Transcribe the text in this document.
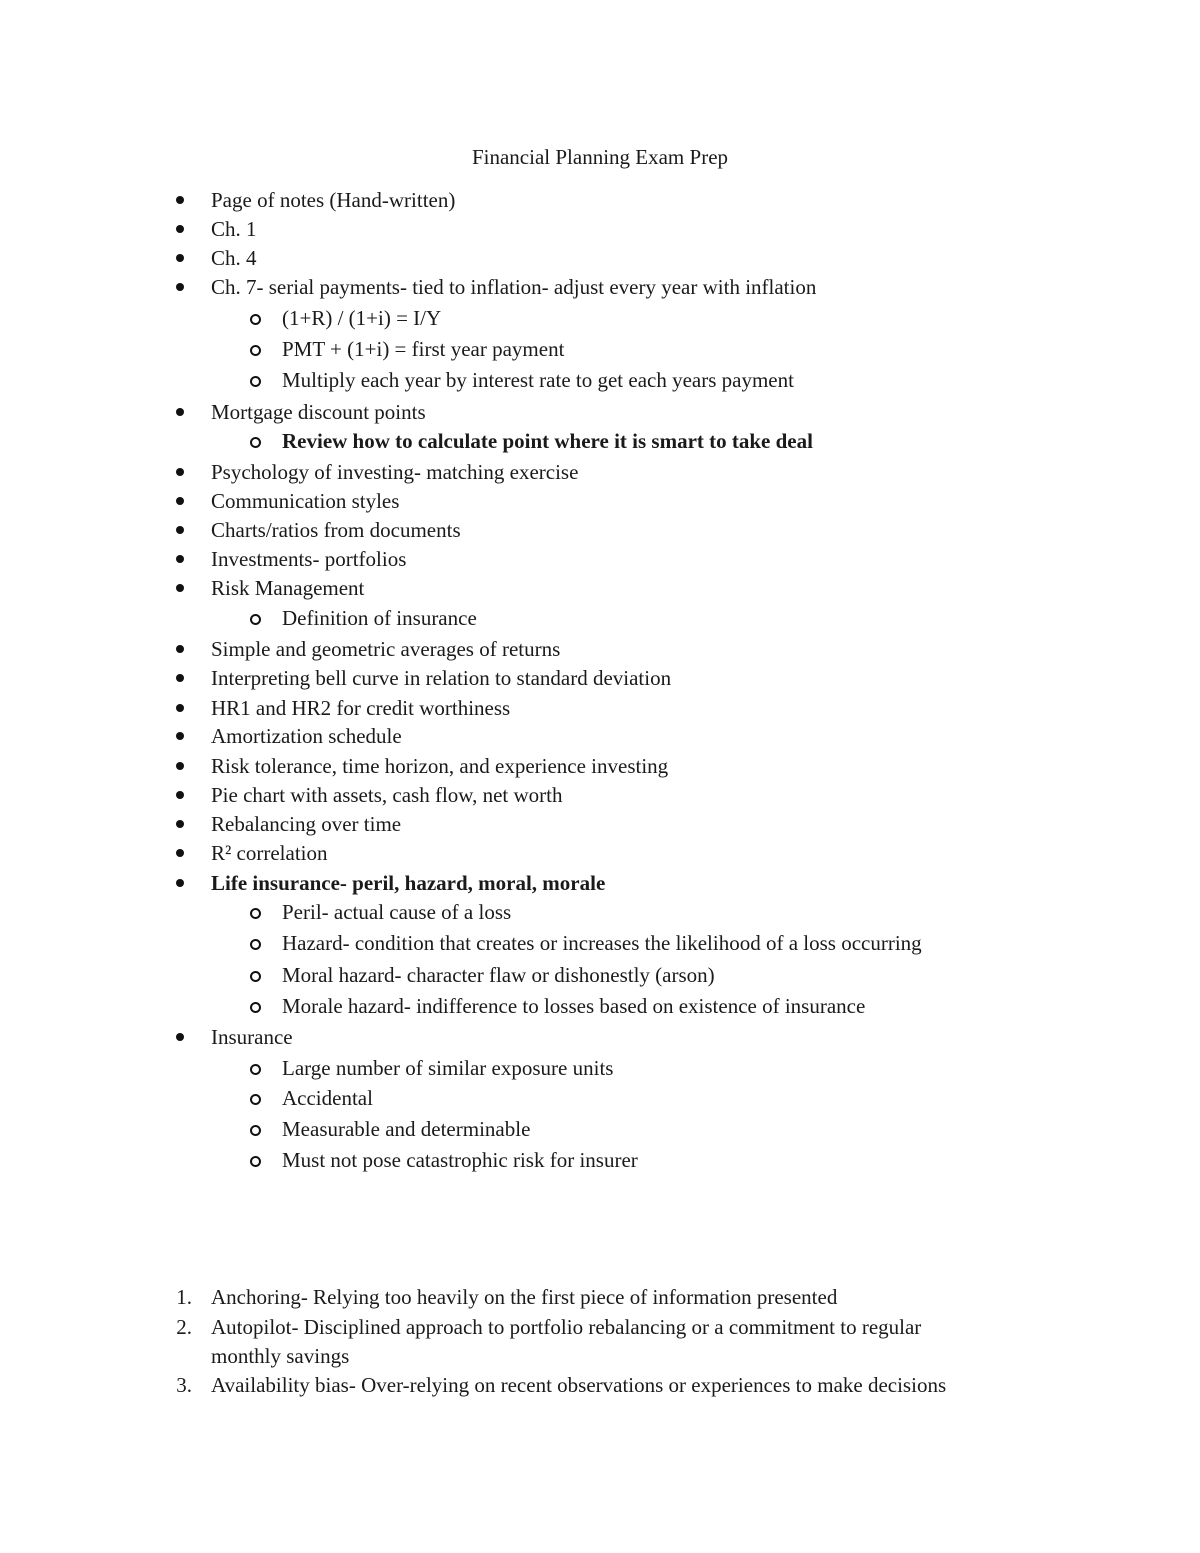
Financial Planning Exam Prep
Page of notes (Hand-written)
Ch. 1
Ch. 4
Ch. 7- serial payments- tied to inflation- adjust every year with inflation
(1+R) / (1+i) = I/Y
PMT + (1+i) = first year payment
Multiply each year by interest rate to get each years payment
Mortgage discount points
Review how to calculate point where it is smart to take deal
Psychology of investing- matching exercise
Communication styles
Charts/ratios from documents
Investments- portfolios
Risk Management
Definition of insurance
Simple and geometric averages of returns
Interpreting bell curve in relation to standard deviation
HR1 and HR2 for credit worthiness
Amortization schedule
Risk tolerance, time horizon, and experience investing
Pie chart with assets, cash flow, net worth
Rebalancing over time
R² correlation
Life insurance- peril, hazard, moral, morale
Peril- actual cause of a loss
Hazard- condition that creates or increases the likelihood of a loss occurring
Moral hazard- character flaw or dishonestly (arson)
Morale hazard- indifference to losses based on existence of insurance
Insurance
Large number of similar exposure units
Accidental
Measurable and determinable
Must not pose catastrophic risk for insurer
1. Anchoring- Relying too heavily on the first piece of information presented
2. Autopilot- Disciplined approach to portfolio rebalancing or a commitment to regular
monthly savings
3. Availability bias- Over-relying on recent observations or experiences to make decisions
